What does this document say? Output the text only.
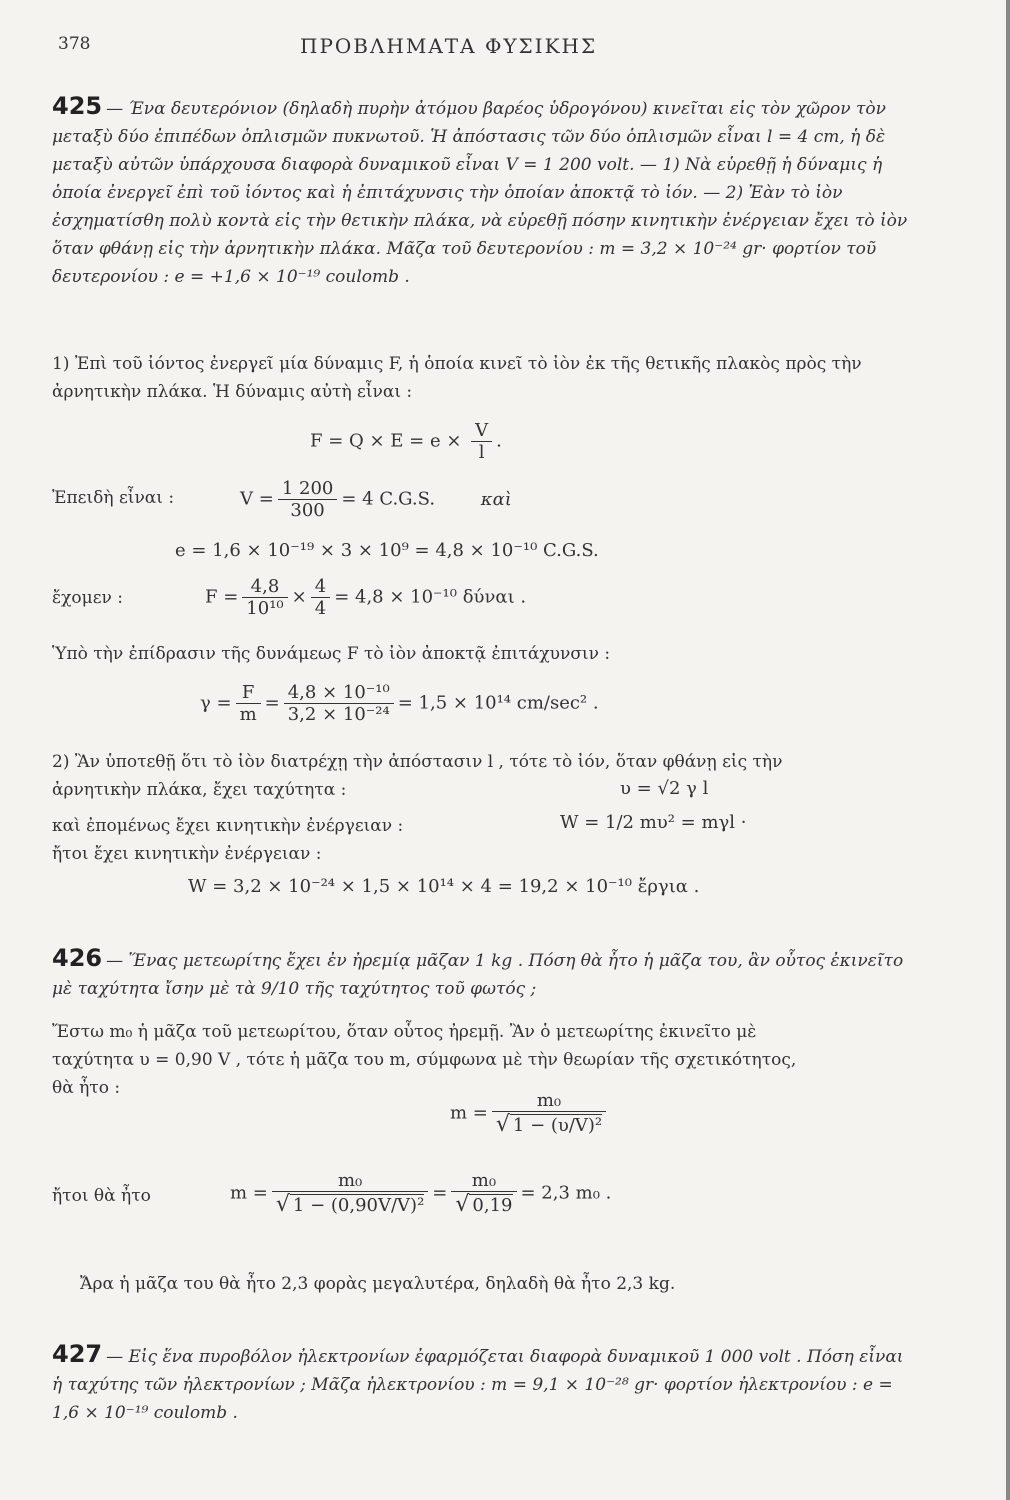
378	ΠΡΟΒΛΗΜΑΤΑ ΦΥΣΙΚΗΣ
425 — Ένα δευτερόνιον (δηλαδὴ πυρὴν ἀτόμου βαρέος ὑδρογόνου) κινεῖται εἰς τὸν χῶρον τὸν μεταξὺ δύο ἐπιπέδων ὁπλισμῶν πυκνωτοῦ. Ἡ ἀπόστασις τῶν δύο ὁπλισμῶν εἶναι l = 4 cm, ἡ δὲ μεταξὺ αὐτῶν ὑπάρχουσα διαφορὰ δυναμικοῦ εἶναι V = 1 200 volt. — 1) Νὰ εὑρεθῇ ἡ δύναμις ἡ ὁποία ἐνεργεῖ ἐπὶ τοῦ ἰόντος καὶ ἡ ἐπιτάχυνσις τὴν ὁποίαν ἀποκτᾷ τὸ ἰόν. — 2) Ἐὰν τὸ ἰὸν ἐσχηματίσθη πολὺ κοντὰ εἰς τὴν θετικὴν πλάκα, νὰ εὑρεθῇ πόσην κινητικὴν ἐνέργειαν ἔχει τὸ ἰὸν ὅταν φθάνῃ εἰς τὴν ἀρνητικὴν πλάκα. Μᾶζα τοῦ δευτερονίου : m = 3,2 × 10⁻²⁴ gr· φορτίον τοῦ δευτερονίου : e = +1,6 × 10⁻¹⁹ coulomb .
1) Ἐπὶ τοῦ ἰόντος ἐνεργεῖ μία δύναμις F, ἡ ὁποία κινεῖ τὸ ἰὸν ἐκ τῆς θετικῆς πλακὸς πρὸς τὴν ἀρνητικὴν πλάκα. Ἡ δύναμις αὐτὴ εἶναι :
$F = Q \times E = e \times \frac{V}{l}$ .
Ἐπειδὴ εἶναι :	$V = \frac{1 200}{300} = 4$ C.G.S.	καὶ
e = 1,6 × 10⁻¹⁹ × 3 × 10⁹ = 4,8 × 10⁻¹⁰ C.G.S.
ἔχομεν :	$F = \frac{4,8}{\text{10¹⁰}} \times \frac{4}{4} = 4,8 \times 10^{-10}$ δύναι .
Ὑπὸ τὴν ἐπίδρασιν τῆς δυνάμεως F τὸ ἰὸν ἀποκτᾷ ἐπιτάχυνσιν :
$\gamma = \frac{F}{m} = \frac{\text{4,8 × 10⁻¹⁰}}{\text{3,2 × 10⁻²⁴}} = 1,5 \times 10^{14}$ cm/sec² .
2) Ἂν ὑποτεθῇ ὅτι τὸ ἰὸν διατρέχῃ τὴν ἀπόστασιν l , τότε τὸ ἰόν, ὅταν φθάνῃ εἰς τὴν ἀρνητικὴν πλάκα, ἔχει ταχύτητα :	υ = √2 γ l
καὶ ἐπομένως ἔχει κινητικὴν ἐνέργειαν :	W = 1/2 mυ² = mγl ·
ἤτοι ἔχει κινητικὴν ἐνέργειαν :
W = 3,2 × 10⁻²⁴ × 1,5 × 10¹⁴ × 4 = 19,2 × 10⁻¹⁰ ἔργια .
426 — Ἕνας μετεωρίτης ἔχει ἐν ἠρεμίᾳ μᾶζαν 1 kg . Πόση θὰ ἦτο ἡ μᾶζα του, ἂν οὗτος ἐκινεῖτο μὲ ταχύτητα ἴσην μὲ τὰ 9/10 τῆς ταχύτητος τοῦ φωτός ;
Ἔστω m₀ ἡ μᾶζα τοῦ μετεωρίτου, ὅταν οὗτος ἠρεμῇ. Ἂν ὁ μετεωρίτης ἐκινεῖτο μὲ ταχύτητα υ = 0,90 V , τότε ἡ μᾶζα του m, σύμφωνα μὲ τὴν θεωρίαν τῆς σχετικότητος, θὰ ἦτο :
$m = \frac{\text{m₀}}{\text{√ 1 − (υ/V)²}}$
ἤτοι θὰ ἦτο	$m = \frac{\text{m₀}}{\text{√ 1 − (0,90V/V)²}} = \frac{\text{m₀}}{√ 0,19} = 2,3$ m₀ .
Ἄρα ἡ μᾶζα του θὰ ἦτο 2,3 φορὰς μεγαλυτέρα, δηλαδὴ θὰ ἦτο 2,3 kg.
427 — Εἰς ἕνα πυροβόλον ἠλεκτρονίων ἐφαρμόζεται διαφορὰ δυναμικοῦ 1 000 volt . Πόση εἶναι ἡ ταχύτης τῶν ἠλεκτρονίων ; Μᾶζα ἠλεκτρονίου : m = 9,1 × 10⁻²⁸ gr· φορτίον ἠλεκτρονίου : e = 1,6 × 10⁻¹⁹ coulomb .
